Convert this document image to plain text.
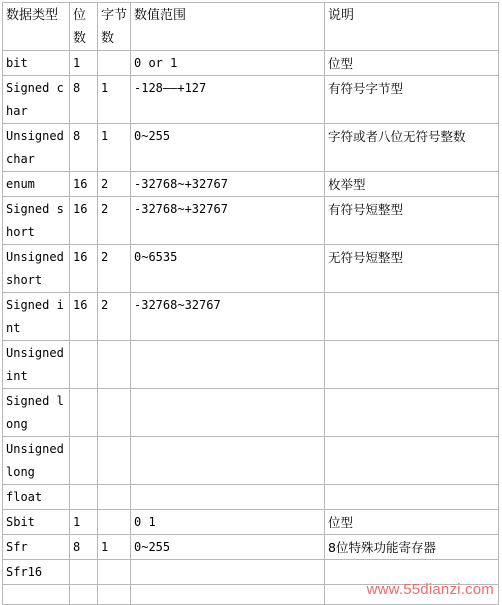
数据类型	位数	字节数	数值范围	说明
bit	1		0 or 1	位型
Signed char	8	1	-128——+127	有符号字节型
Unsigned char	8	1	0~255	字符或者八位无符号整数
enum	16	2	-32768~+32767	枚举型
Signed short	16	2	-32768~+32767	有符号短整型
Unsigned short	16	2	0~6535	无符号短整型
Signed int	16	2	-32768~32767	
Unsigned int				
Signed long				
Unsigned long				
float				
Sbit	1		0 1	位型
Sfr	8	1	0~255	8位特殊功能寄存器
Sfr16				

www.55dianzi.com
